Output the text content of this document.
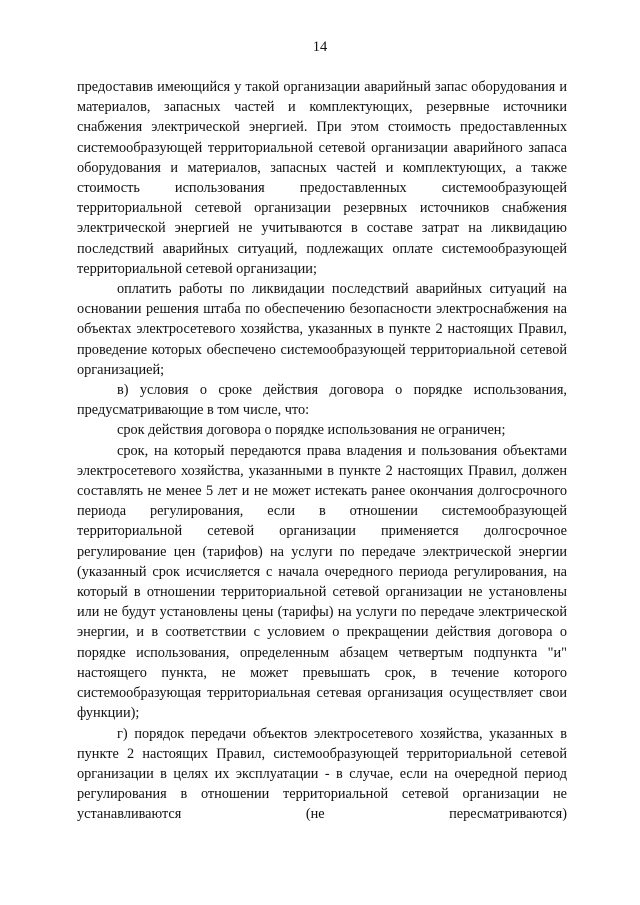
14

предоставив имеющийся у такой организации аварийный запас оборудования и материалов, запасных частей и комплектующих, резервные источники снабжения электрической энергией. При этом стоимость предоставленных системообразующей территориальной сетевой организации аварийного запаса оборудования и материалов, запасных частей и комплектующих, а также стоимость использования предоставленных системообразующей территориальной сетевой организации резервных источников снабжения электрической энергией не учитываются в составе затрат на ликвидацию последствий аварийных ситуаций, подлежащих оплате системообразующей территориальной сетевой организации;

оплатить работы по ликвидации последствий аварийных ситуаций на основании решения штаба по обеспечению безопасности электроснабжения на объектах электросетевого хозяйства, указанных в пункте 2 настоящих Правил, проведение которых обеспечено системообразующей территориальной сетевой организацией;

в) условия о сроке действия договора о порядке использования, предусматривающие в том числе, что:

срок действия договора о порядке использования не ограничен;

срок, на который передаются права владения и пользования объектами электросетевого хозяйства, указанными в пункте 2 настоящих Правил, должен составлять не менее 5 лет и не может истекать ранее окончания долгосрочного периода регулирования, если в отношении системообразующей территориальной сетевой организации применяется долгосрочное регулирование цен (тарифов) на услуги по передаче электрической энергии (указанный срок исчисляется с начала очередного периода регулирования, на который в отношении территориальной сетевой организации не установлены или не будут установлены цены (тарифы) на услуги по передаче электрической энергии, и в соответствии с условием о прекращении действия договора о порядке использования, определенным абзацем четвертым подпункта "и" настоящего пункта, не может превышать срок, в течение которого системообразующая территориальная сетевая организация осуществляет свои функции);

г) порядок передачи объектов электросетевого хозяйства, указанных в пункте 2 настоящих Правил, системообразующей территориальной сетевой организации в целях их эксплуатации - в случае, если на очередной период регулирования в отношении территориальной сетевой организации не устанавливаются (не пересматриваются)
